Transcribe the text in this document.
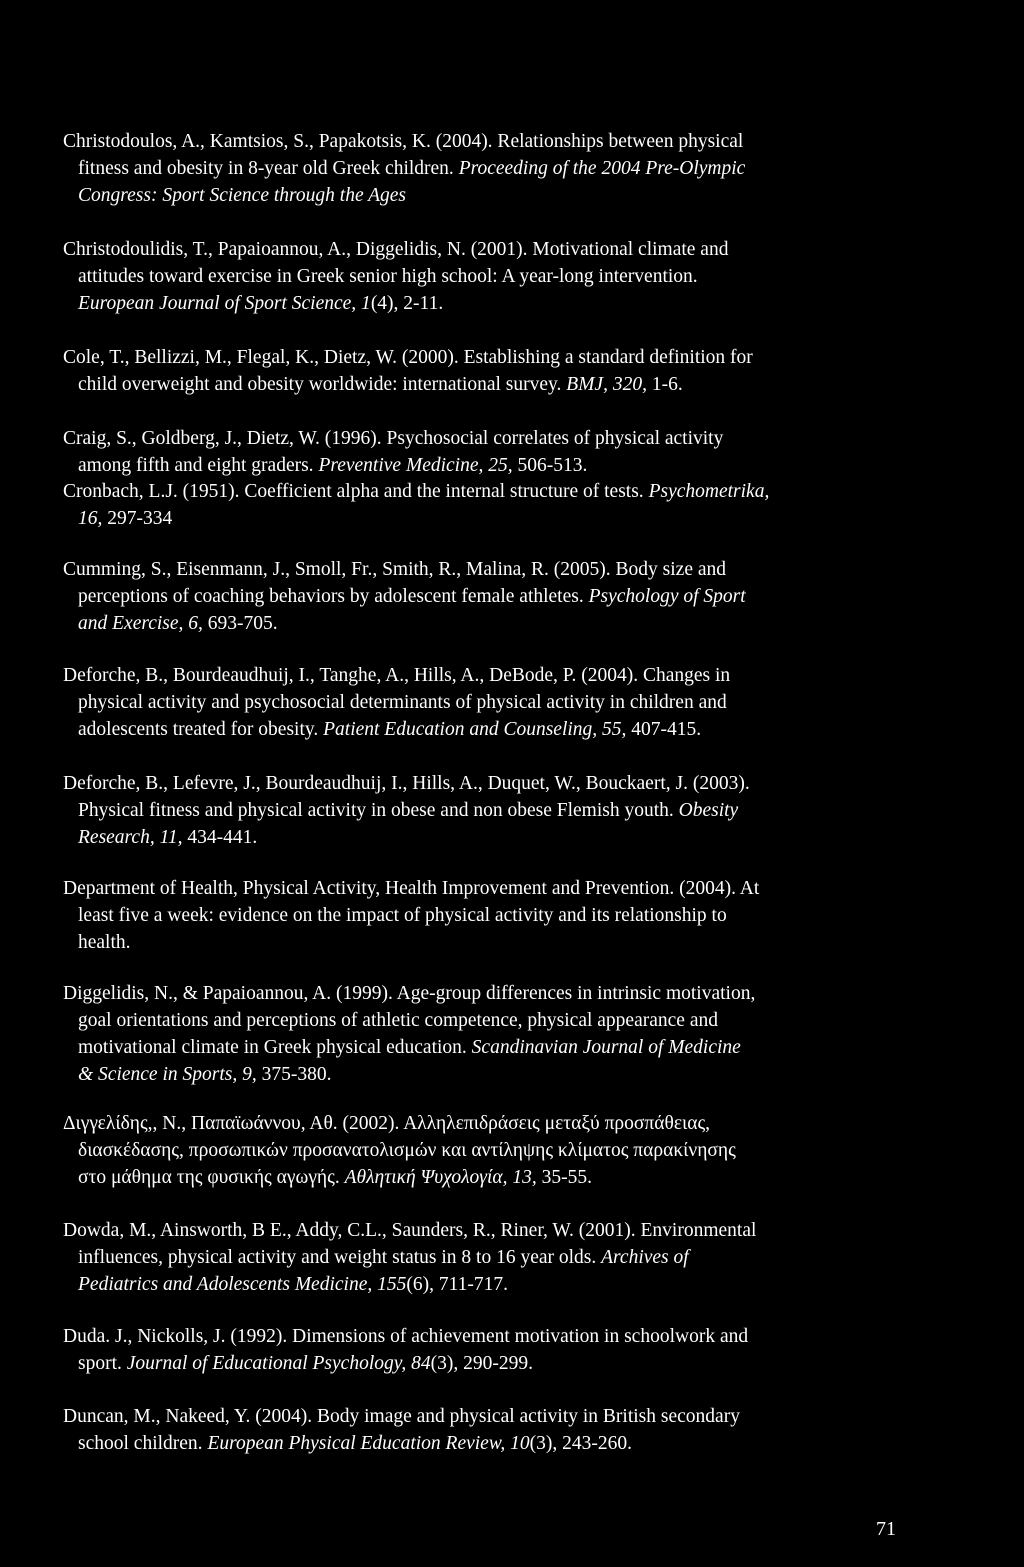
Christodoulos, A., Kamtsios, S., Papakotsis, K. (2004). Relationships between physical
fitness and obesity in 8-year old Greek children. Proceeding of the 2004 Pre-Olympic
Congress: Sport Science through the Ages
Christodoulidis, T., Papaioannou, A., Diggelidis, N. (2001). Motivational climate and
attitudes toward exercise in Greek senior high school: A year-long intervention.
European Journal of Sport Science, 1(4), 2-11.
Cole, T., Bellizzi, M., Flegal, K., Dietz, W. (2000). Establishing a standard definition for
child overweight and obesity worldwide: international survey. BMJ, 320, 1-6.
Craig, S., Goldberg, J., Dietz, W. (1996). Psychosocial correlates of physical activity
among fifth and eight graders. Preventive Medicine, 25, 506-513.
Cronbach, L.J. (1951). Coefficient alpha and the internal structure of tests. Psychometrika,
16, 297-334
Cumming, S., Eisenmann, J., Smoll, Fr., Smith, R., Malina, R. (2005). Body size and
perceptions of coaching behaviors by adolescent female athletes. Psychology of Sport
and Exercise, 6, 693-705.
Deforche, B., Bourdeaudhuij, I., Tanghe, A., Hills, A., DeBode, P. (2004). Changes in
physical activity and psychosocial determinants of physical activity in children and
adolescents treated for obesity. Patient Education and Counseling, 55, 407-415.
Deforche, B., Lefevre, J., Bourdeaudhuij, I., Hills, A., Duquet, W., Bouckaert, J. (2003).
Physical fitness and physical activity in obese and non obese Flemish youth. Obesity
Research, 11, 434-441.
Department of Health, Physical Activity, Health Improvement and Prevention. (2004). At
least five a week: evidence on the impact of physical activity and its relationship to
health.
Diggelidis, N., & Papaioannou, A. (1999). Age-group differences in intrinsic motivation,
goal orientations and perceptions of athletic competence, physical appearance and
motivational climate in Greek physical education. Scandinavian Journal of Medicine
& Science in Sports, 9, 375-380.
Διγγελίδης,, Ν., Παπαϊωάννου, Αθ. (2002). Αλληλεπιδράσεις μεταξύ προσπάθειας,
διασκέδασης, προσωπικών προσανατολισμών και αντίληψης κλίματος παρακίνησης
στο μάθημα της φυσικής αγωγής. Αθλητική Ψυχολογία, 13, 35-55.
Dowda, M., Ainsworth, B E., Addy, C.L., Saunders, R., Riner, W. (2001). Environmental
influences, physical activity and weight status in 8 to 16 year olds. Archives of
Pediatrics and Adolescents Medicine, 155(6), 711-717.
Duda. J., Nickolls, J. (1992). Dimensions of achievement motivation in schoolwork and
sport. Journal of Educational Psychology, 84(3), 290-299.
Duncan, M., Nakeed, Y. (2004). Body image and physical activity in British secondary
school children. European Physical Education Review, 10(3), 243-260.
71
